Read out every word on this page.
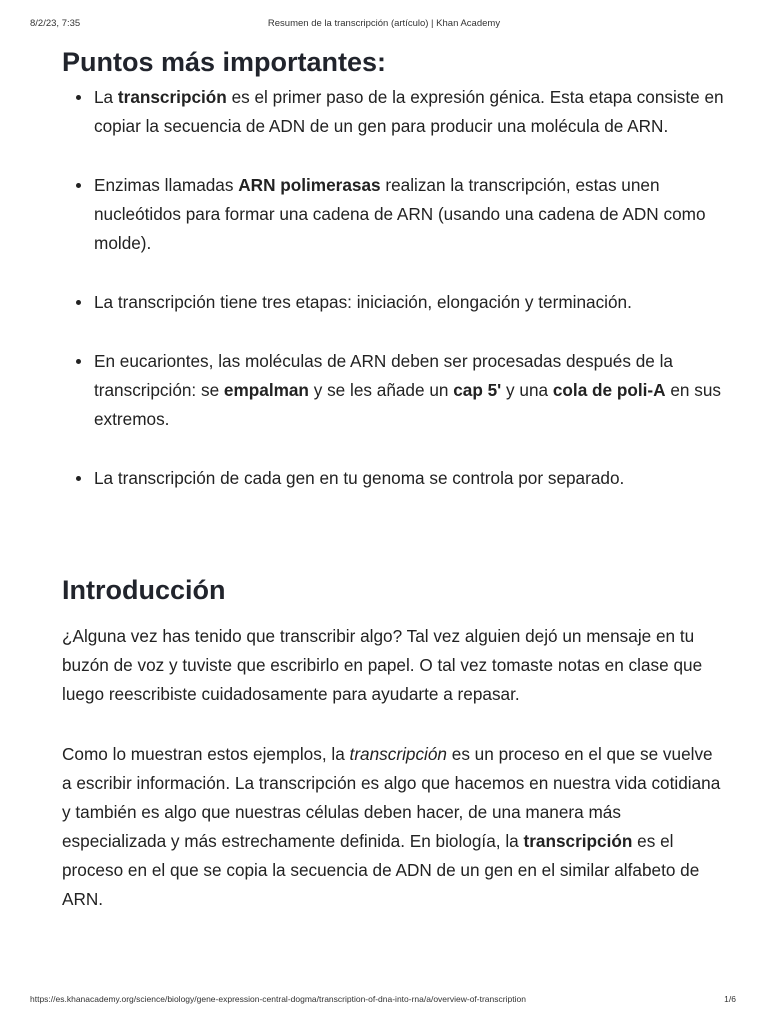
8/2/23, 7:35	Resumen de la transcripción (artículo) | Khan Academy
Puntos más importantes:
La transcripción es el primer paso de la expresión génica. Esta etapa consiste en copiar la secuencia de ADN de un gen para producir una molécula de ARN.
Enzimas llamadas ARN polimerasas realizan la transcripción, estas unen nucleótidos para formar una cadena de ARN (usando una cadena de ADN como molde).
La transcripción tiene tres etapas: iniciación, elongación y terminación.
En eucariontes, las moléculas de ARN deben ser procesadas después de la transcripción: se empalman y se les añade un cap 5' y una cola de poli-A en sus extremos.
La transcripción de cada gen en tu genoma se controla por separado.
Introducción

¿Alguna vez has tenido que transcribir algo? Tal vez alguien dejó un mensaje en tu buzón de voz y tuviste que escribirlo en papel. O tal vez tomaste notas en clase que luego reescribiste cuidadosamente para ayudarte a repasar.

Como lo muestran estos ejemplos, la transcripción es un proceso en el que se vuelve a escribir información. La transcripción es algo que hacemos en nuestra vida cotidiana y también es algo que nuestras células deben hacer, de una manera más especializada y más estrechamente definida. En biología, la transcripción es el proceso en el que se copia la secuencia de ADN de un gen en el similar alfabeto de ARN.

https://es.khanacademy.org/science/biology/gene-expression-central-dogma/transcription-of-dna-into-rna/a/overview-of-transcription	1/6
